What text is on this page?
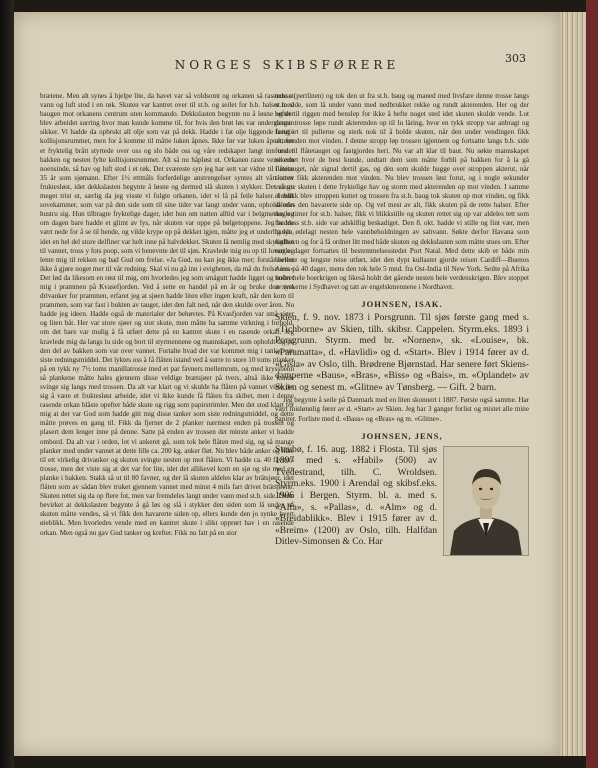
NORGES SKIBSFØRERE	303

brætene. Men alt synes å hjelpe lite, da havet var så voldsomt og orkanen så rasende at vann og luft stod i en røk. Skuten var kantret over til st.b. og seilet for b.b. halser med baugen mot orkanens centrum uten kommando. Dekkslasten begynte nu å løsne og der blev arbeidet surring hvor man kunde komme til, for hvis den brøt løs var undergangen sikker. Vi hadde da opbrukt all olje som var på dekk. Hadde i fat olje liggende forut i kollisjonsrummet, men for å komme til måtte luken åpnes. Ikke før var luken åpnet, før et fryktelig brått styrtede over oss og slo både oss og våre redskaper langt inn under bakken og nesten fylte kollisjonsrummet. Alt så nu håpløst ut. Orkanen raste verre enn noensinde, så hav og luft stod i et røk. Det sværeste syn jeg har sett var vidne til i mine 35 år som sjømann. Efter 1½ ettmåls forferdelige anstrengelser syntes alt vårt strev fruktesløst, idet dekkslasten begynte å løsne og dermed slå skuten i stykker. Det så nu meget trist ut, særlig da jeg visste vi fulgte orkanen, idet vi lå på feile halser. I mitt sovekammer, som var på den side som til sine tider var langt under vann, opholdt min hustru sig. Hun tilbragte fryktelige dager, idet hun om natten alltid var i belgmørke, og om dagen bare hadde et glimt av lys, når skuten var oppe på bølgetoppene. Jeg hadde vært nede for å se til hende, og vilde krype op på dekket igjen, måtte jeg et underlig syn, idet en hel del store delfiner var helt inne på halvdekket. Skuten lå nemlig med skylightet til vannet, tross y fots poop, som vi benevnte det til sjøs. Kravlede mig nu op til luvart og lente mig til rekken og bad Gud om frelse. »Ja Gud, nu kan jeg ikke mer; forstår heller ikke å gjøre noget mer til vår redning. Skal vi nu gå inn i evigheten, da må du frelse oss.« Der lød da likesom en røst til mig, om hvorledes jeg som smågutt hadde ligget og boltret mig i prammen på Kvasefjorden. Ved å sette en handel på en år og bruke den som drivanker for prammen, erfaret jeg at sjøen hadde liten eller ingen kraft, når den kom til prammen, som var fast i bukten av tauget, idet den falt ned, når den skulde over åren. Nu hadde jeg ideen. Hadde også de materialer der behøvtes. På Kvasfjorden var små sjøer og liten båt. Her var store sjøer og stor skute, men måtte ha samme virkning i forhold, om det bare var mulig å få utført dette på en kantret skute i en rasende orkan. Jeg kravlede mig da langs lu side og bort til styrmennene og mannskapet, som opholdt sig på den del av bakken som var over vannet. Fortalte hvad der var kommet mig i tanker om siste redningsmiddel. Det lyktes oss å få flåten istand ved å surre to store 10 toms planker på en tykk ny 7½ toms manillatrosse med et par favners mellemrum, og med kryssbenn så plankene måtte hales gjennem disse veldige brætsjøer på tvers, altså ikke kunde svinge sig langs med trossen. Da alt var klart og vi skulde ha flåten på vannet viste det sig å være et fruktesløst arbeide, idet vi ikke kunde få flåten fra skibet, men i denne rasende orkan blåste opefter både skute og rigg som papirstrimler. Men det stod klart for mig at der var God som hadde gitt mig disse tanker som siste redningsmiddel, og dette måtte prøves en gang til. Fikk da fjernet de 2 planker nærmest enden på trossen og plasert dem lenger inne på denne. Satte på enden av trossen det minste anker vi hadde ombord. Da alt var i orden, lot vi ankeret gå, som tok hele flåten med sig, og så mange planker med under vannet at dette lille ca. 200 kg. anker fløt. Nu blev både anker og flåte til ett virkelig drivanker og skuten svingte nesten op mot flåten. Vi hadde ca. 40 favners trosse, men det viste sig at det var for lite, idet det allikevel kom en sjø og slo med en planke i bakken. Stakk så ut til 80 favner, og der lå skuten aldeles klar av brätsjøer, idet flåten som av sådan blev truket gjennem vannet med minst 4 mils fart drivet brätsjøene. Skuten rettet sig da op flere fot, men var fremdeles langt under vann med st.b. side. Dette bevirket at dekkslasten begynte å gå løs og slå i stykker den siden som lå under, så skuten måtte vendes, så vi fikk den havarerte siden op, ellers kunde den jo synke hvert øieblikk. Men hvorledes vende med en kantret skute i slikt opprørt hav i en rasende orkan. Men også nu gav Gud tanker og krefter. Fikk nu fatt på en stor

trosse (pertlinen) og tok den ut fra st.b. baug og maned med livsfare denne trosse langs st.b. side, som lå under vann med nedbrukket rekke og rundt akterenden. Her og der heftet til riggen med benslер for ikke å hefte noget sted idet skuten skulde vende. Lot denne trosse løpe rundt akterenden op til lu läring, hvor en tykk stropp var anbragt og fastgjort til pullerne og sterk nok til å holde skuten, når den under vendingen fikk akterenden mot vinden. I denne stropp løp trossen igjennem og fortsatte langs b.b. side forut til flåtetauget og fastgjordes heri. Nu var alt klar til baut. Nu søkte mannskapet nikerhet hvor de best kunde, undtatt dem som måtte forbli på bakken for å la gå flåtetauget, når signal dertil gas, og den som skulde hugge over stroppen akterut, når skuten fikk akterenden mot vinden. Nu blev trossen løst forut, og i nogle sekunder svingte skuten i dette fryktelige hav og storm med akterenden op mot vinden. I samme øieblikk blev stroppen kuttet og trossen fra st.b. baug tok skuten op mot vinden, og fikk således den havarerte side op. Og vel mest av alt, fikk skuten på de rette halser. Efter nogle timer for st.b. halser, fikk vi blikkstille og skuten rettet sig op var aldeles tett som før tross st.b. side var adskillig beskadiget. Den 8. okt. hadde vi stille og fint vær, men hadde ødelagt nesten hele vannbeholdningen av saltvann. Søkte derfor Havana som nødhavn og for å få ordnet litt med både skuten og dekkslasten som måtte stues om. Efter nogle dager fortsattes til bestemmelsesstedet Port Natal. Med dette skib er både min korteste og lengste reise utført, idet den dypt kullastet gjorde reisen Cardiff—Buenos Aires på 40 dager, mens den tok hele 5 mnd. fra Ost-India til New York. Seilte på Afrika under hele boerkrigen og likeså holdt det gående nesten hele verdenskrigen. Blev stoppet av tyskerne i Sydhavet og tatt av engelskmennene i Nordhavet.

JOHNSEN, ISAK.

Skien, f. 9. nov. 1873 i Porsgrunn. Til sjøs første gang med s. «Tichborne» av Skien, tilh. skibsr. Cappelen. Styrm.eks. 1893 i Porsgrunn. Styrm. med br. «Nornen», sk. «Louise», bk. «Paramatta», d. «Havlidi» og d. «Start». Blev i 1914 fører av d. «Gisla» av Oslo, tilh. Brødrene Bjørnstad. Har senere ført Skiens-damperne «Baus», «Bras», «Biss» og «Bais», m. «Oplandet» av Skien og senest m. «Glitne» av Tønsberg. — Gift. 2 barn.

Jeg begynte å seile på Danmark med en liten skonnert i 1887. Første også samme. Har vært mislønnlig fører av d. «Start» av Skien. Jeg har 3 ganger forlist og mistet alle mine papirer. Forliste med d. «Baus» og «Bras» og m. «Glitne».

JOHNSEN, JENS,
Staubø, f. 16. aug. 1882 i Flosta. Til sjøs 1897 med s. «Habil» (500) av Tvedestrand, tilh. C. Wroldsen. Styrm.eks. 1900 i Arendal og skibsf.eks. 1906 i Bergen. Styrm. bl. a. med s. «Alfa», s. «Pallas», d. «Alm» og d. «Breidablikk». Blev i 1915 fører av d. «Breim» (1200) av Oslo, tilh. Halfdan Ditlev-Simonsen & Co. Har
